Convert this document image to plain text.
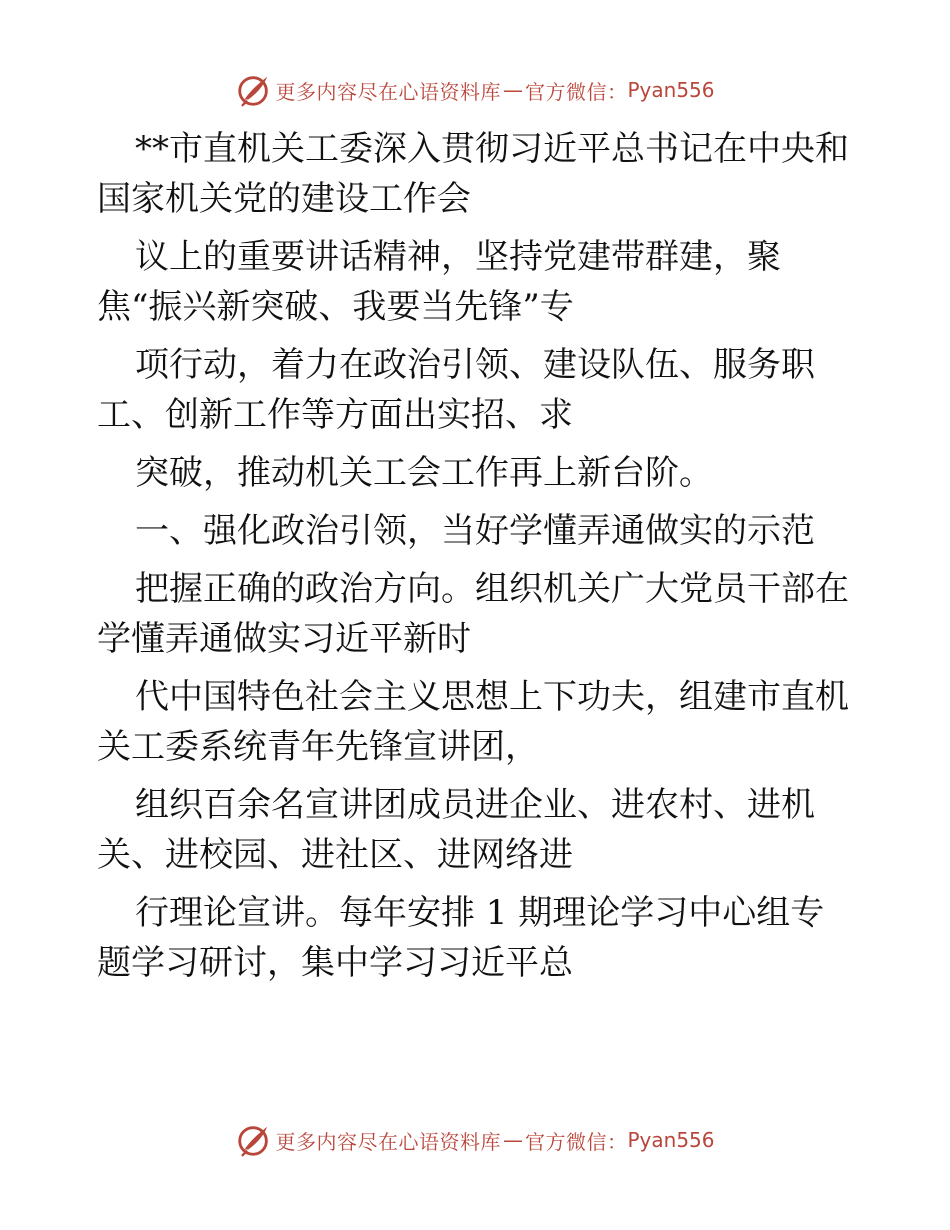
更多内容尽在心语资料库 — 官方微信： Pyan556

**市直机关工委深入贯彻习近平总书记在中央和

国家机关党的建设工作会

议上的重要讲话精神，坚持党建带群建，聚

焦“振兴新突破、我要当先锋”专

项行动，着力在政治引领、建设队伍、服务职

工、创新工作等方面出实招、求

突破，推动机关工会工作再上新台阶。

一、强化政治引领，当好学懂弄通做实的示范

把握正确的政治方向。组织机关广大党员干部在

学懂弄通做实习近平新时

代中国特色社会主义思想上下功夫，组建市直机

关工委系统青年先锋宣讲团，

组织百余名宣讲团成员进企业、进农村、进机

关、进校园、进社区、进网络进

行理论宣讲。每年安排 1 期理论学习中心组专

题学习研讨，集中学习习近平总

更多内容尽在心语资料库 — 官方微信： Pyan556
